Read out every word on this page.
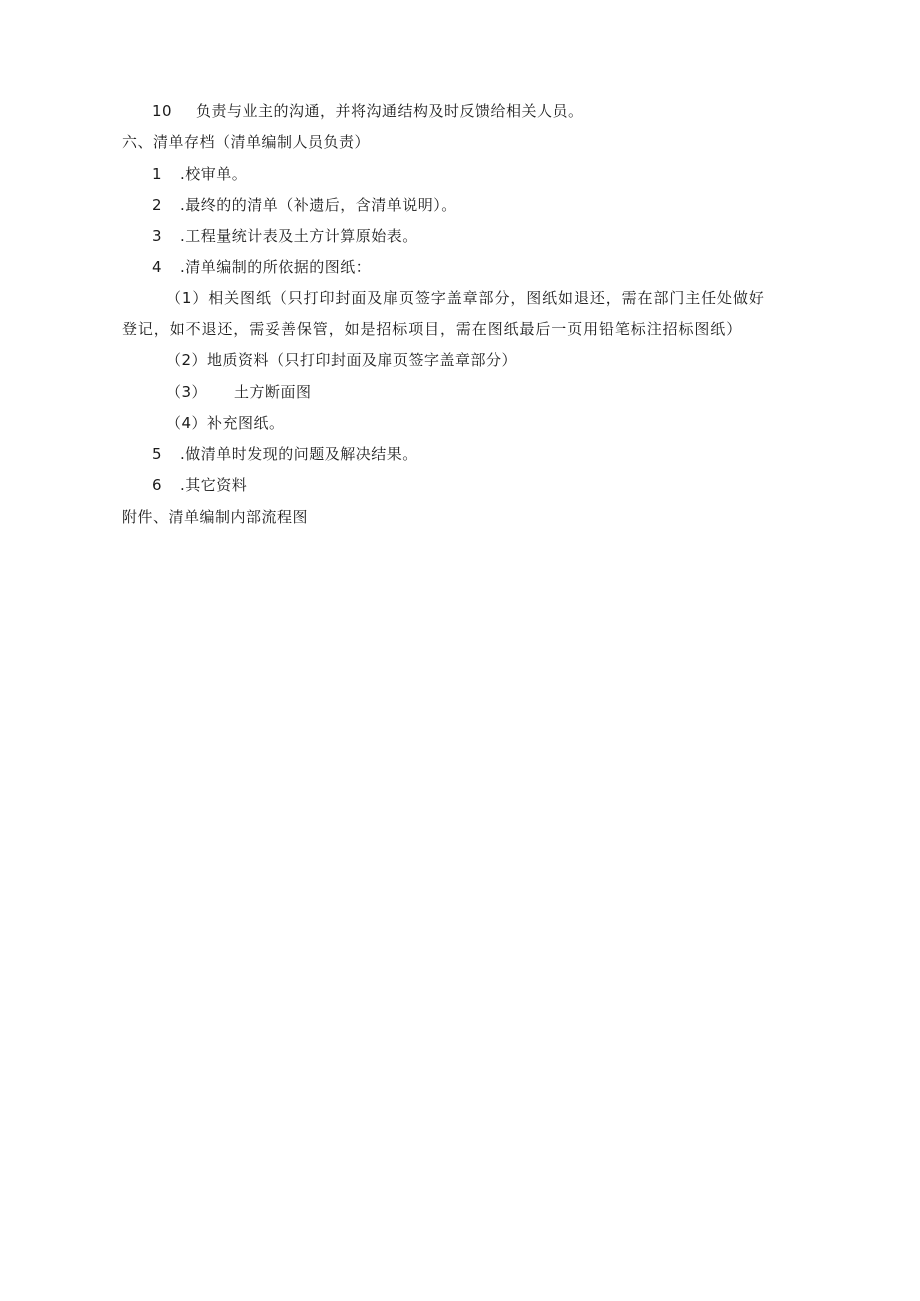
10 负责与业主的沟通，并将沟通结构及时反馈给相关人员。
六、清单存档（清单编制人员负责）
1 .校审单。
2 .最终的的清单（补遗后，含清单说明）。
3 .工程量统计表及土方计算原始表。
4 .清单编制的所依据的图纸：
（1）相关图纸（只打印封面及扉页签字盖章部分，图纸如退还，需在部门主任处做好
登记，如不退还，需妥善保管，如是招标项目，需在图纸最后一页用铅笔标注招标图纸）
（2）地质资料（只打印封面及扉页签字盖章部分）
（3） 土方断面图
（4）补充图纸。
5 .做清单时发现的问题及解决结果。
6 .其它资料
附件、清单编制内部流程图
